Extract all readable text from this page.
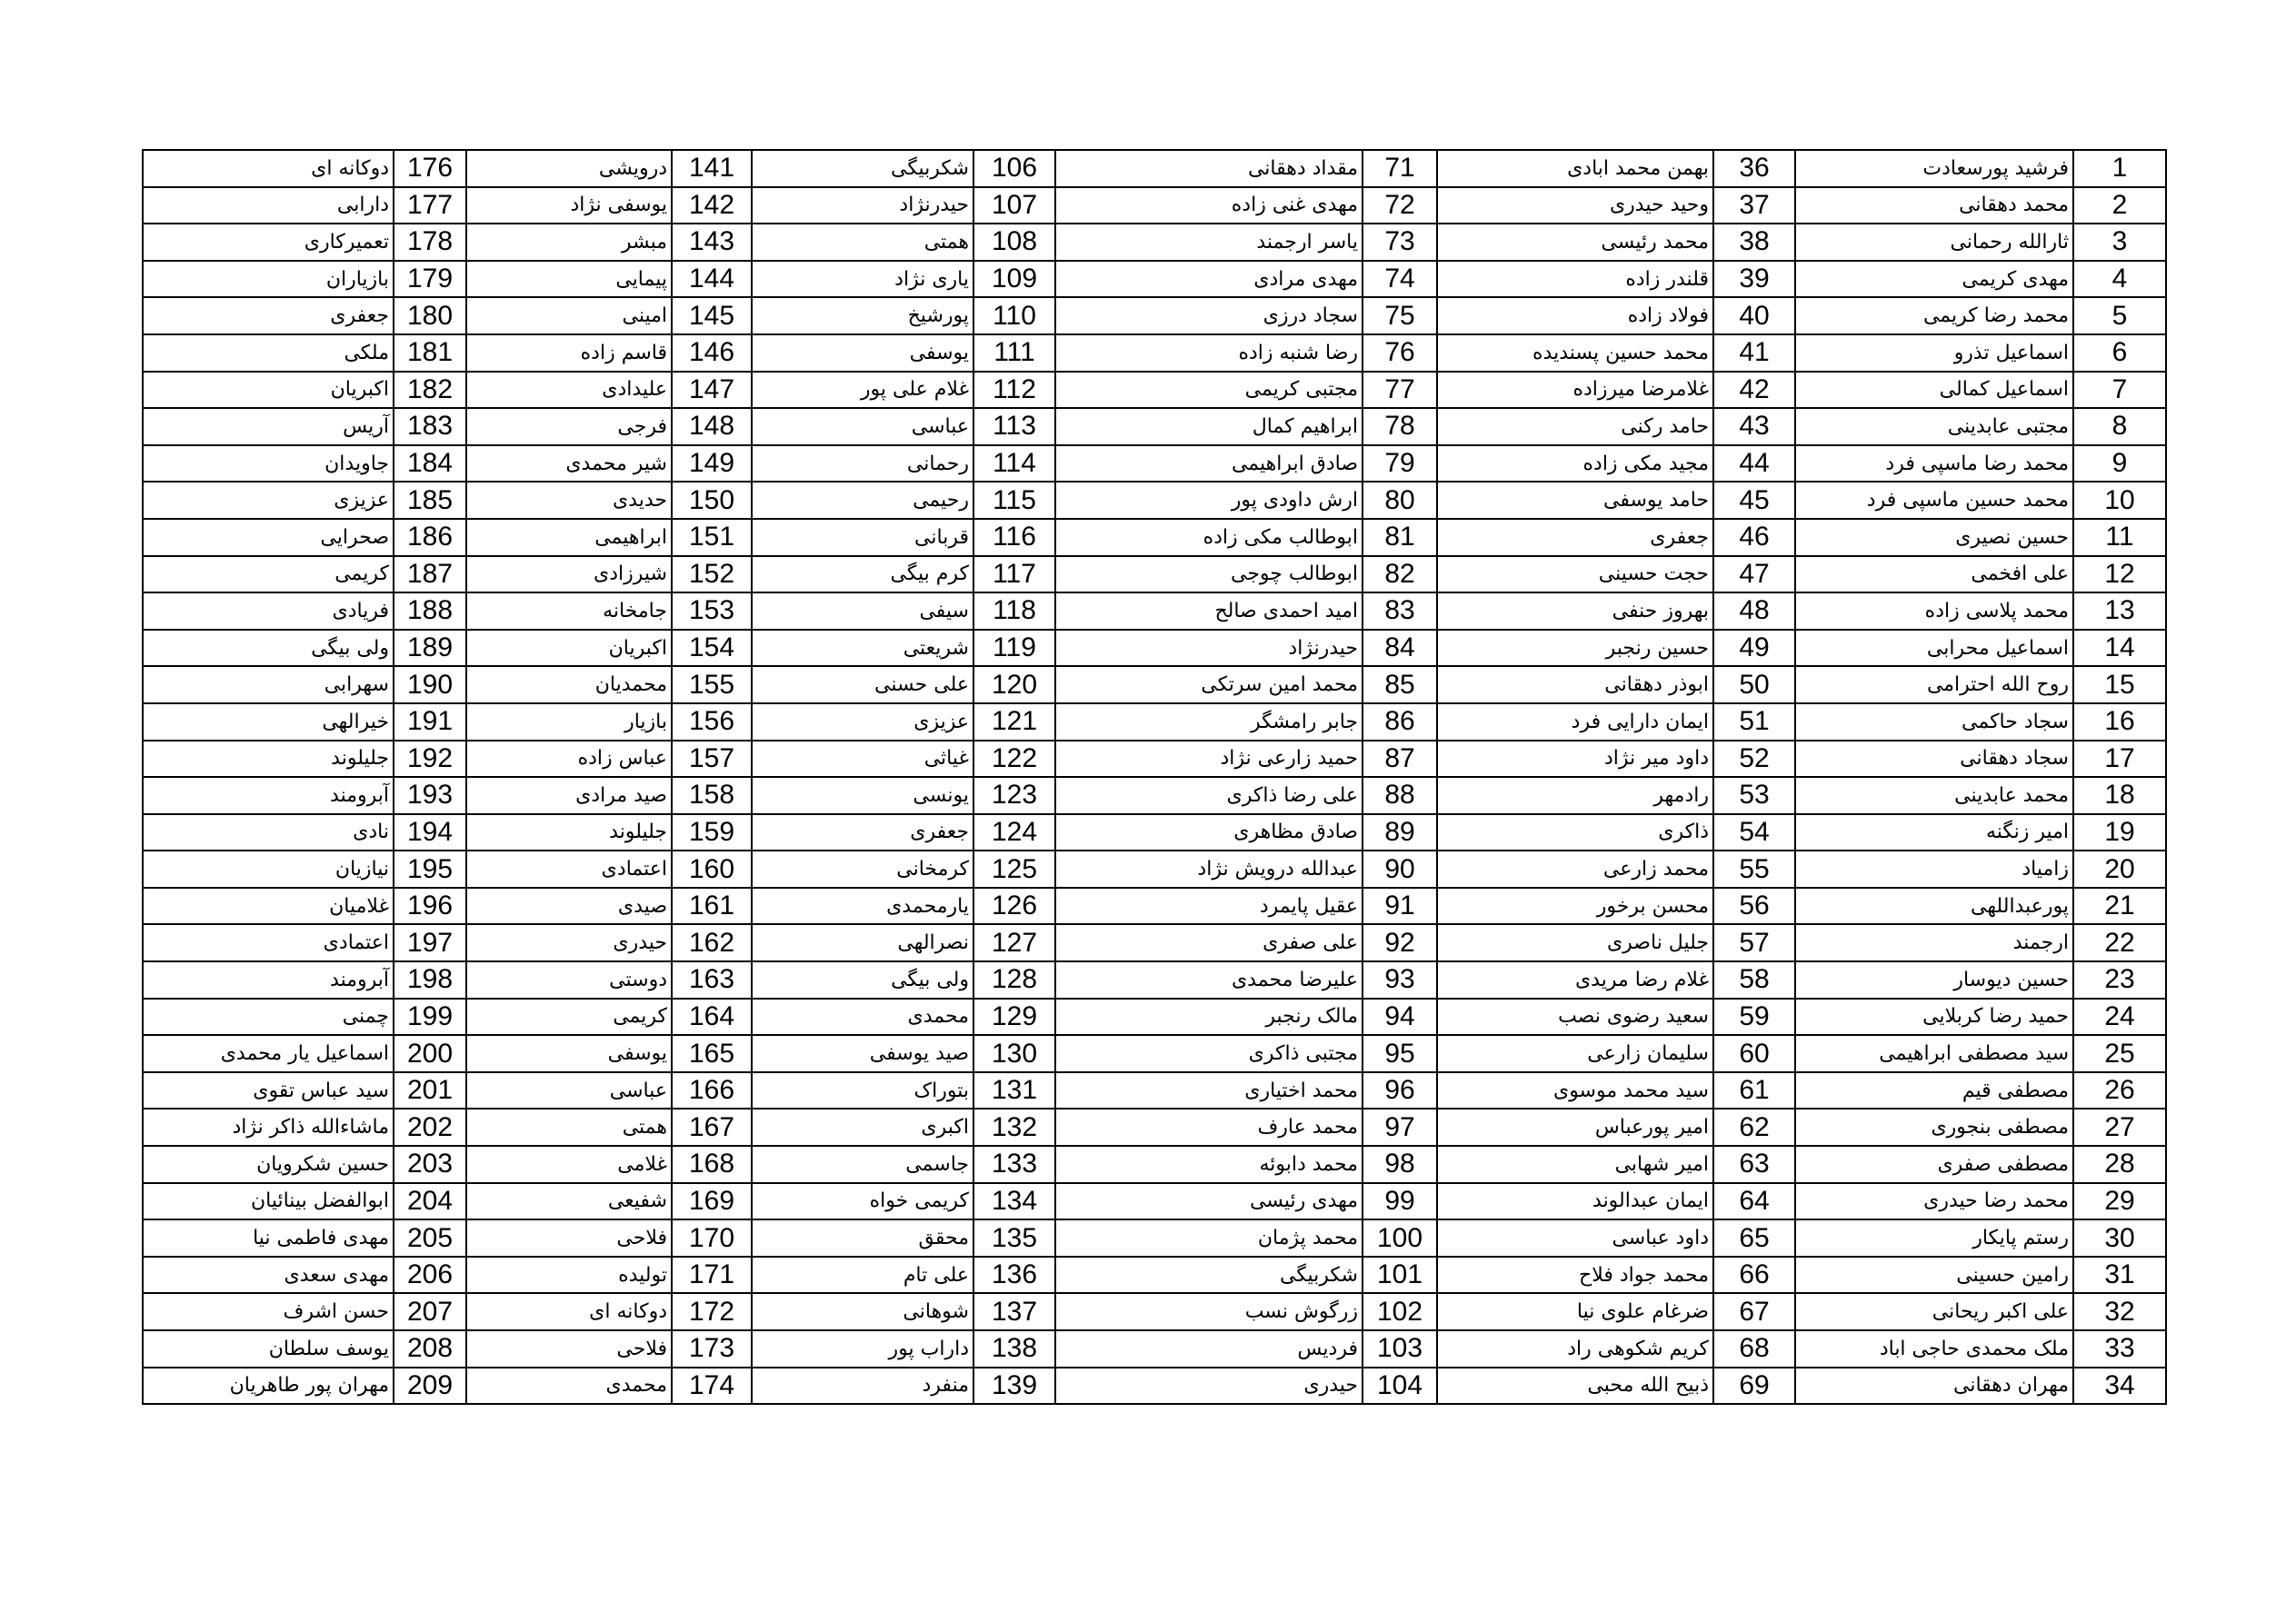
دوکانه ای	176	درویشی	141	شکربیگی	106	مقداد دهقانی	71	بهمن محمد ابادی	36	فرشید پورسعادت	1
دارابی	177	یوسفی نژاد	142	حیدرنژاد	107	مهدی غنی زاده	72	وحید حیدری	37	محمد دهقانی	2
تعمیرکاری	178	مبشر	143	همتی	108	یاسر ارجمند	73	محمد رئیسی	38	ثارالله رحمانی	3
بازیاران	179	پیمایی	144	یاری نژاد	109	مهدی مرادی	74	قلندر زاده	39	مهدی کریمی	4
جعفری	180	امینی	145	پورشیخ	110	سجاد درزی	75	فولاد زاده	40	محمد رضا کریمی	5
ملکی	181	قاسم زاده	146	یوسفی	111	رضا شنبه زاده	76	محمد حسین پسندیده	41	اسماعیل تذرو	6
اکبریان	182	علیدادی	147	غلام علی پور	112	مجتبی کریمی	77	غلامرضا میرزاده	42	اسماعیل کمالی	7
آریس	183	فرجی	148	عباسی	113	ابراهیم کمال	78	حامد رکنی	43	مجتبی عابدینی	8
جاویدان	184	شیر محمدی	149	رحمانی	114	صادق ابراهیمی	79	مجید مکی زاده	44	محمد رضا ماسپی فرد	9
عزیزی	185	حدیدی	150	رحیمی	115	ارش داودی پور	80	حامد یوسفی	45	محمد حسین ماسپی فرد	10
صحرایی	186	ابراهیمی	151	قربانی	116	ابوطالب مکی زاده	81	جعفری	46	حسین نصیری	11
کریمی	187	شیرزادی	152	کرم بیگی	117	ابوطالب چوجی	82	حجت حسینی	47	علی افخمی	12
فریادی	188	جامخانه	153	سیفی	118	امید احمدی صالح	83	بهروز حنفی	48	محمد پلاسی زاده	13
ولی بیگی	189	اکبریان	154	شریعتی	119	حیدرنژاد	84	حسین رنجبر	49	اسماعیل محرابی	14
سهرابی	190	محمدیان	155	علی حسنی	120	محمد امین سرتکی	85	ابوذر دهقانی	50	روح الله احترامی	15
خیرالهی	191	بازیار	156	عزیزی	121	جابر رامشگر	86	ایمان دارایی فرد	51	سجاد حاکمی	16
جلیلوند	192	عباس زاده	157	غیاثی	122	حمید زارعی نژاد	87	داود میر نژاد	52	سجاد دهقانی	17
آبرومند	193	صید مرادی	158	یونسی	123	علی رضا ذاکری	88	رادمهر	53	محمد عابدینی	18
نادی	194	جلیلوند	159	جعفری	124	صادق مظاهری	89	ذاکری	54	امیر زنگنه	19
نیازیان	195	اعتمادی	160	کرمخانی	125	عبدالله درویش نژاد	90	محمد زارعی	55	زامیاد	20
غلامیان	196	صیدی	161	یارمحمدی	126	عقیل پایمرد	91	محسن برخور	56	پورعبداللهی	21
اعتمادی	197	حیدری	162	نصرالهی	127	علی صفری	92	جلیل ناصری	57	ارجمند	22
آبرومند	198	دوستی	163	ولی بیگی	128	علیرضا محمدی	93	غلام رضا مریدی	58	حسین دیوسار	23
چمنی	199	کریمی	164	محمدی	129	مالک رنجبر	94	سعید رضوی نصب	59	حمید رضا کربلایی	24
اسماعیل یار محمدی	200	یوسفی	165	صید یوسفی	130	مجتبی ذاکری	95	سلیمان زارعی	60	سید مصطفی ابراهیمی	25
سید عباس تقوی	201	عباسی	166	بتوراک	131	محمد اختیاری	96	سید محمد موسوی	61	مصطفی قیم	26
ماشاءالله ذاکر نژاد	202	همتی	167	اکبری	132	محمد عارف	97	امیر پورعباس	62	مصطفی بنجوری	27
حسین شکرویان	203	غلامی	168	جاسمی	133	محمد دابوئه	98	امیر شهابی	63	مصطفی صفری	28
ابوالفضل بینائیان	204	شفیعی	169	کریمی خواه	134	مهدی رئیسی	99	ایمان عبدالوند	64	محمد رضا حیدری	29
مهدی فاطمی نیا	205	فلاحی	170	محقق	135	محمد پژمان	100	داود عباسی	65	رستم پایکار	30
مهدی سعدی	206	تولیده	171	علی تام	136	شکربیگی	101	محمد جواد فلاح	66	رامین حسینی	31
حسن اشرف	207	دوکانه ای	172	شوهانی	137	زرگوش نسب	102	ضرغام علوی نیا	67	علی اکبر ریحانی	32
یوسف سلطان	208	فلاحی	173	داراب پور	138	فردیس	103	کریم شکوهی راد	68	ملک محمدی حاجی اباد	33
مهران پور طاهریان	209	محمدی	174	منفرد	139	حیدری	104	ذبیح الله محبی	69	مهران دهقانی	34
